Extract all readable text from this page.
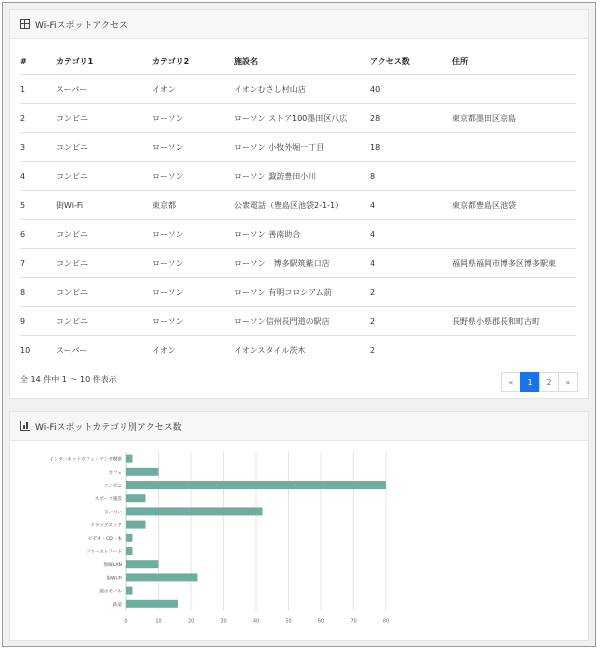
Wi-Fiスポットアクセス
#	カテゴリ1	カテゴリ2	施設名	アクセス数	住所
1	スーパー	イオン	イオンむさし村山店	40	
2	コンビニ	ローソン	ローソン ストア100墨田区八広	28	東京都墨田区京島
3	コンビニ	ローソン	ローソン 小牧外堀一丁目	18	
4	コンビニ	ローソン	ローソン 諏訪豊田小川	8	
5	街Wi-Fi	東京都	公衆電話（豊島区池袋2-1-1）	4	東京都豊島区池袋
6	コンビニ	ローソン	ローソン 善南助合	4	
7	コンビニ	ローソン	ローソン　博多駅筑紫口店	4	福岡県福岡市博多区博多駅東
8	コンビニ	ローソン	ローソン 有明コロシアム前	2	
9	コンビニ	ローソン	ローソン信州長門道の駅店	2	長野県小県郡長和町古町
10	スーパー	イオン	イオンスタイル茨木	2	
全 14 件中 1 〜 10 件表示	«	1	2	»
Wi-Fiスポットカテゴリ別アクセス数
0	10	20	30	40	50	60	70	80
インターネットカフェ・マンガ喫茶
カフェ
コンビニ
スポーツ施設
スーパー
ドラッグストア
ビデオ・CD・本
ファーストフード
無線LAN
街Wi-Fi
展示モール
鉄道
